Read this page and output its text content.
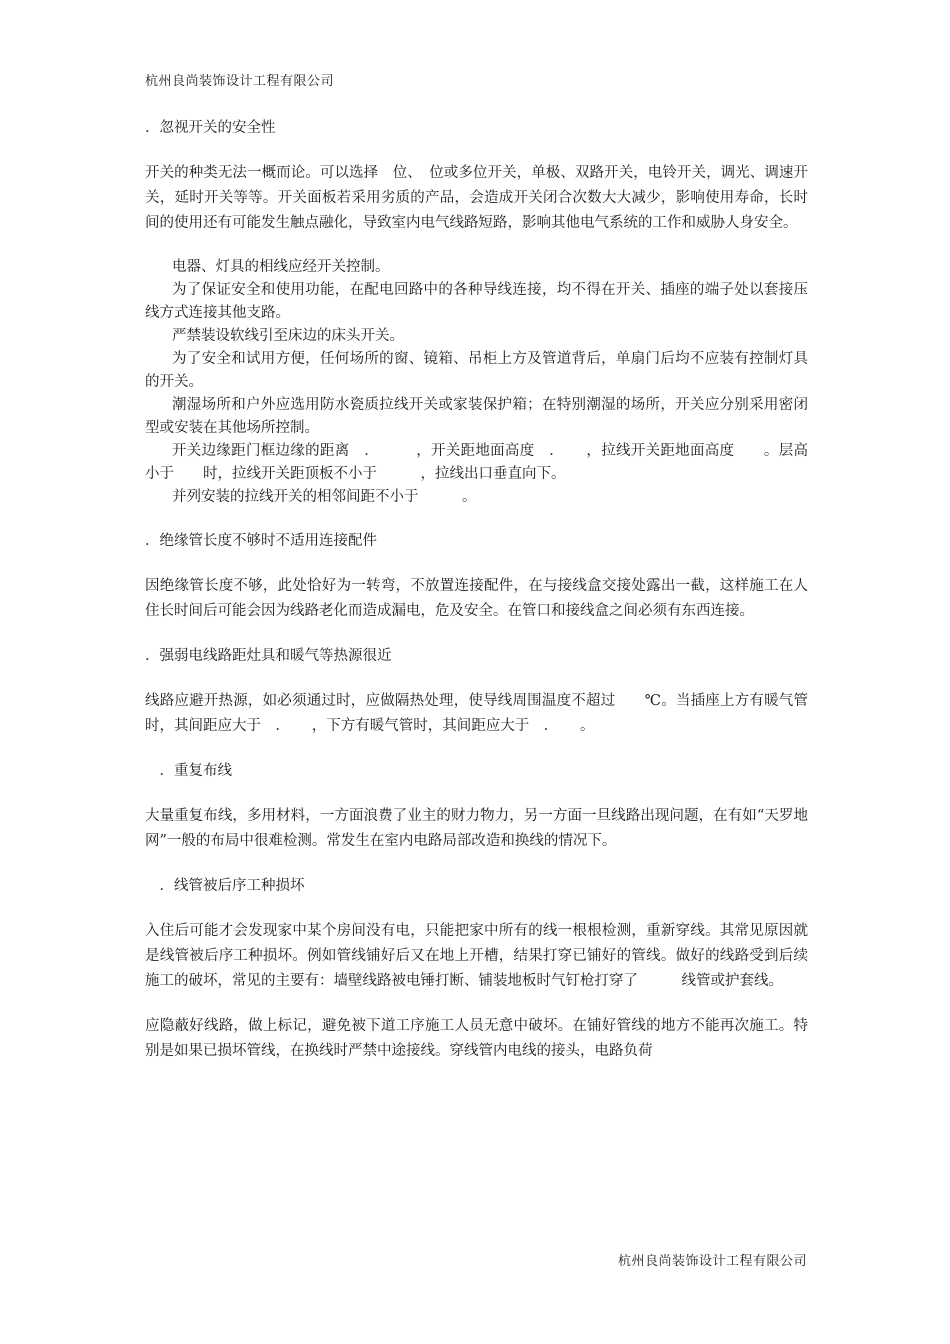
杭州良尚装饰设计工程有限公司
．忽视开关的安全性
开关的种类无法一概而论。可以选择　位、　位或多位开关，单极、双路开关，电铃开关，调光、调速开关，延时开关等等。开关面板若采用劣质的产品，会造成开关闭合次数大大减少，影响使用寿命，长时间的使用还有可能发生触点融化，导致室内电气线路短路，影响其他电气系统的工作和威胁人身安全。
电器、灯具的相线应经开关控制。
为了保证安全和使用功能，在配电回路中的各种导线连接，均不得在开关、插座的端子处以套接压线方式连接其他支路。
严禁装设软线引至床边的床头开关。
为了安全和试用方便，任何场所的窗、镜箱、吊柜上方及管道背后，单扇门后均不应装有控制灯具的开关。
潮湿场所和户外应选用防水瓷质拉线开关或家装保护箱；在特别潮湿的场所，开关应分别采用密闭型或安装在其他场所控制。
开关边缘距门框边缘的距离　．　　　，开关距地面高度　．　　，拉线开关距地面高度　　。层高小于　　时，拉线开关距顶板不小于　　　，拉线出口垂直向下。
并列安装的拉线开关的相邻间距不小于　　　。
．绝缘管长度不够时不适用连接配件
因绝缘管长度不够，此处恰好为一转弯，不放置连接配件，在与接线盒交接处露出一截，这样施工在人住长时间后可能会因为线路老化而造成漏电，危及安全。在管口和接线盒之间必须有东西连接。
．强弱电线路距灶具和暖气等热源很近
线路应避开热源，如必须通过时，应做隔热处理，使导线周围温度不超过　　℃。当插座上方有暖气管时，其间距应大于　．　　，下方有暖气管时，其间距应大于　．　　。
　．重复布线
大量重复布线，多用材料，一方面浪费了业主的财力物力，另一方面一旦线路出现问题，在有如“天罗地网”一般的布局中很难检测。常发生在室内电路局部改造和换线的情况下。
　．线管被后序工种损坏
入住后可能才会发现家中某个房间没有电，只能把家中所有的线一根根检测，重新穿线。其常见原因就是线管被后序工种损坏。例如管线铺好后又在地上开槽，结果打穿已铺好的管线。做好的线路受到后续施工的破坏，常见的主要有：墙壁线路被电锤打断、铺装地板时气钉枪打穿了　　　线管或护套线。
应隐蔽好线路，做上标记，避免被下道工序施工人员无意中破坏。在铺好管线的地方不能再次施工。特别是如果已损坏管线，在换线时严禁中途接线。穿线管内电线的接头，电路负荷
杭州良尚装饰设计工程有限公司
